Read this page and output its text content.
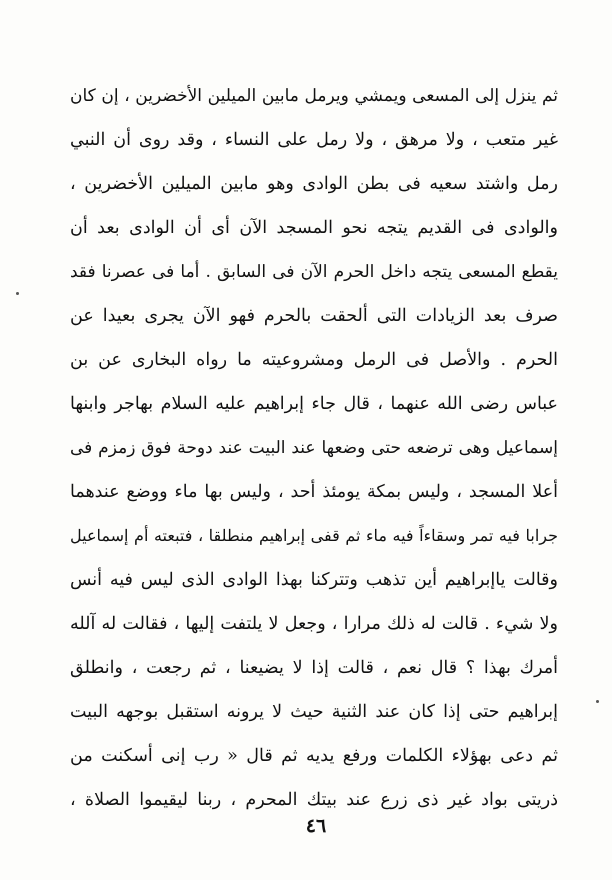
ثم ينزل إلى المسعى ويمشي ويرمل مابين الميلين الأخضرين ، إن كان
غير متعب ، ولا مرهق ، ولا رمل على النساء ، وقد روى أن النبي
رمل واشتد سعيه فى بطن الوادى وهو مابين الميلين الأخضرين ،
والوادى فى القديم يتجه نحو المسجد الآن أى أن الوادى بعد أن
يقطع المسعى يتجه داخل الحرم الآن فى السابق . أما فى عصرنا فقد
صرف بعد الزيادات التى ألحقت بالحرم فهو الآن يجرى بعيدا عن
الحرم . والأصل فى الرمل ومشروعيته ما رواه البخارى عن بن
عباس رضى الله عنهما ، قال جاء إبراهيم عليه السلام بهاجر وابنها
إسماعيل وهى ترضعه حتى وضعها عند البيت عند دوحة فوق زمزم فى
أعلا المسجد ، وليس بمكة يومئذ أحد ، وليس بها ماء ووضع عندهما
جرابا فيه تمر وسقاءاً فيه ماء ثم قفى إبراهيم منطلقا ، فتبعته أم إسماعيل
وقالت ياإبراهيم أين تذهب وتتركنا بهذا الوادى الذى ليس فيه أنس
ولا شيء . قالت له ذلك مرارا ، وجعل لا يلتفت إليها ، فقالت له آلله
أمرك بهذا ؟ قال نعم ، قالت إذا لا يضيعنا ، ثم رجعت ، وانطلق
إبراهيم حتى إذا كان عند الثنية حيث لا يرونه استقبل بوجهه البيت
ثم دعى بهؤلاء الكلمات ورفع يديه ثم قال « رب إنى أسكنت من
ذريتى بواد غير ذى زرع عند بيتك المحرم ، ربنا ليقيموا الصلاة ،
٤٦
